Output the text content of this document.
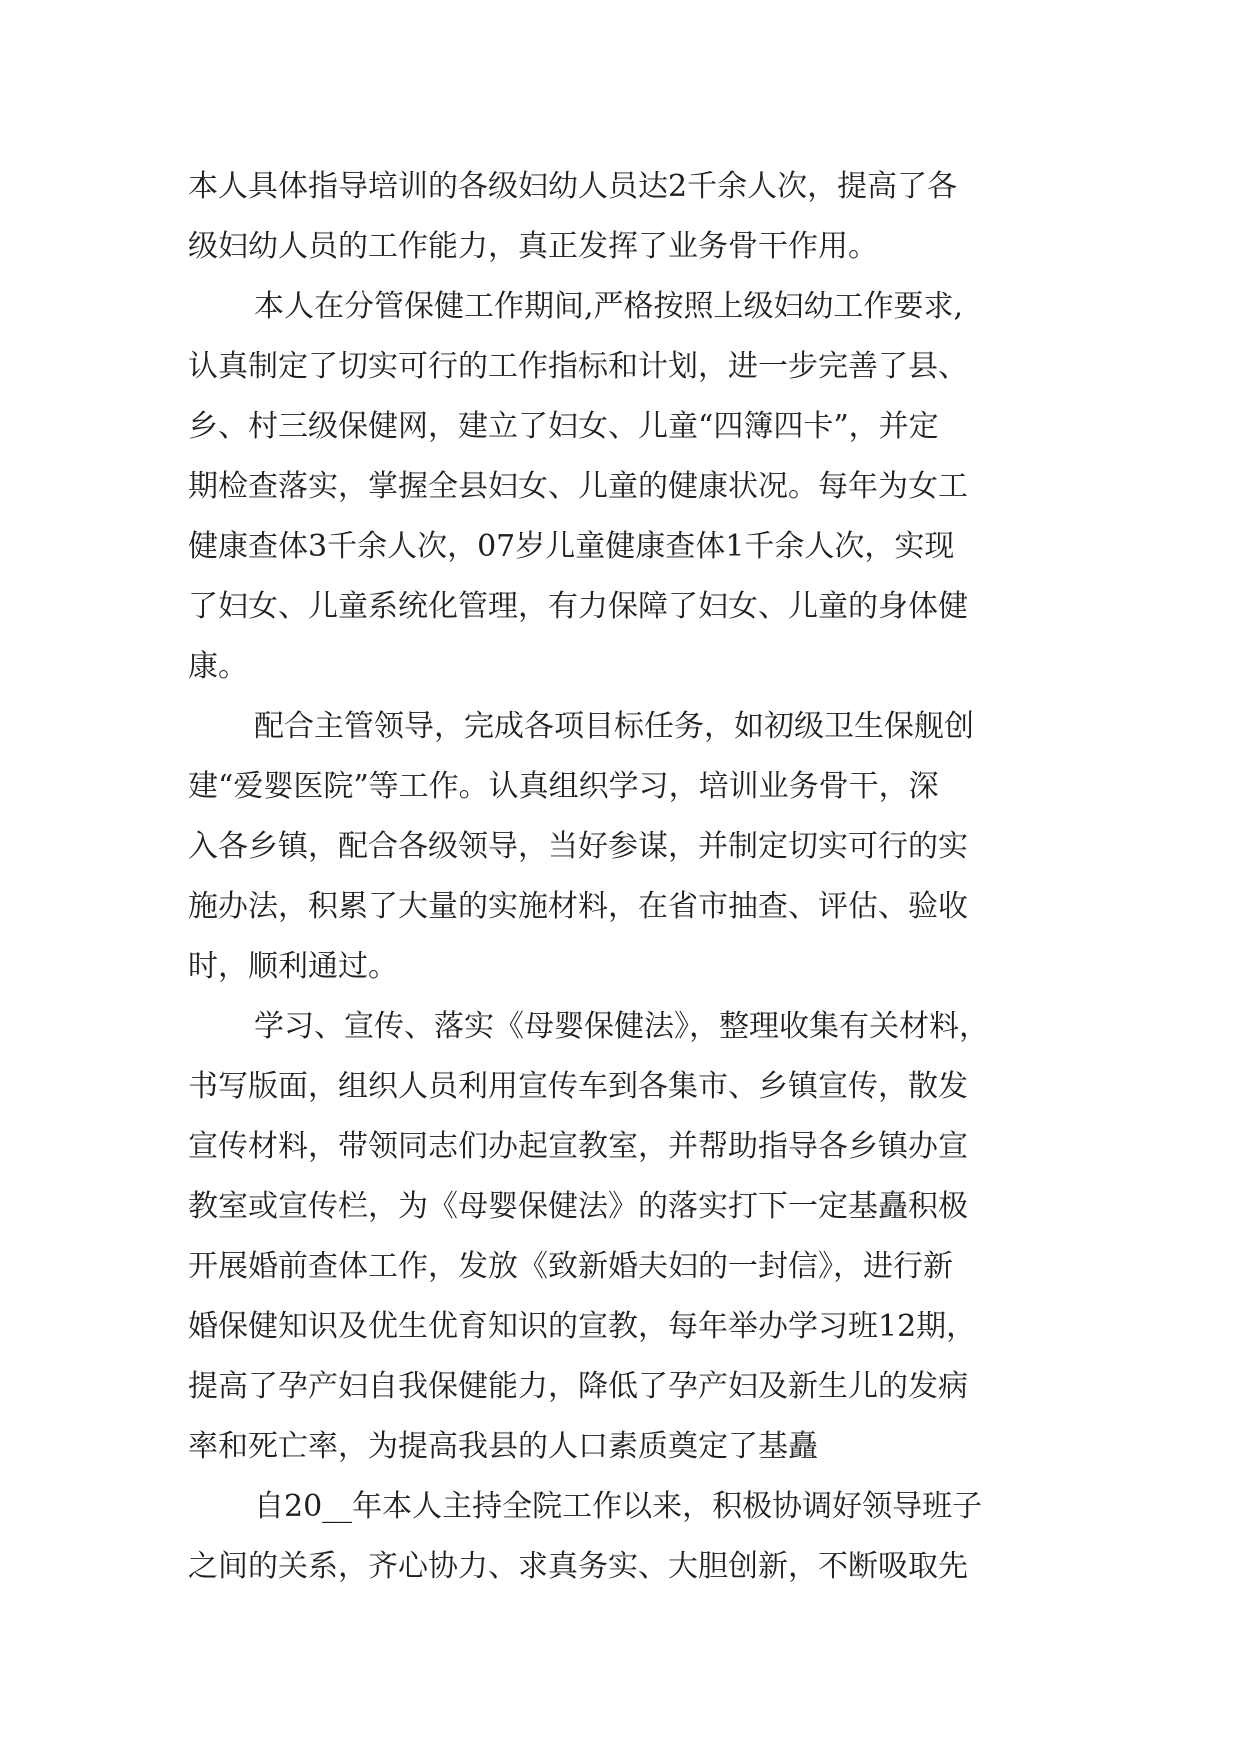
本人具体指导培训的各级妇幼人员达2千余人次，提高了各
级妇幼人员的工作能力，真正发挥了业务骨干作用。
本人在分管保健工作期间,严格按照上级妇幼工作要求,
认真制定了切实可行的工作指标和计划，进一步完善了县、
乡、村三级保健网，建立了妇女、儿童“四簿四卡”，并定
期检查落实，掌握全县妇女、儿童的健康状况。每年为女工
健康查体3千余人次，07岁儿童健康查体1千余人次，实现
了妇女、儿童系统化管理，有力保障了妇女、儿童的身体健
康。
配合主管领导，完成各项目标任务，如初级卫生保舰创
建“爱婴医院”等工作。认真组织学习，培训业务骨干，深
入各乡镇，配合各级领导，当好参谋，并制定切实可行的实
施办法，积累了大量的实施材料，在省市抽查、评估、验收
时，顺利通过。
学习、宣传、落实《母婴保健法》，整理收集有关材料，
书写版面，组织人员利用宣传车到各集市、乡镇宣传，散发
宣传材料，带领同志们办起宣教室，并帮助指导各乡镇办宣
教室或宣传栏，为《母婴保健法》的落实打下一定基矗积极
开展婚前查体工作，发放《致新婚夫妇的一封信》，进行新
婚保健知识及优生优育知识的宣教，每年举办学习班12期，
提高了孕产妇自我保健能力，降低了孕产妇及新生儿的发病
率和死亡率，为提高我县的人口素质奠定了基矗
自20__年本人主持全院工作以来，积极协调好领导班子
之间的关系，齐心协力、求真务实、大胆创新，不断吸取先
